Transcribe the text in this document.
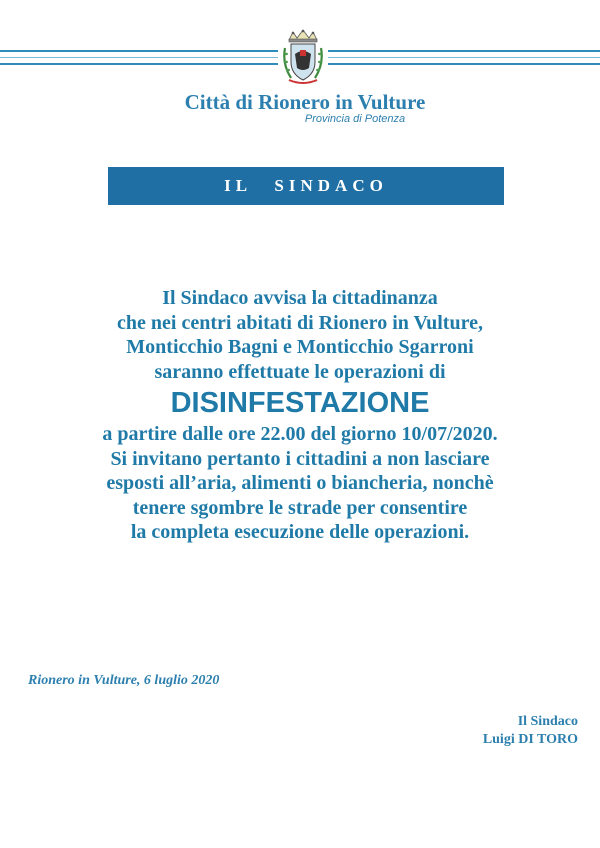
Città di Rionero in Vulture
Provincia di Potenza
IL SINDACO
Il Sindaco avvisa la cittadinanza
che nei centri abitati di Rionero in Vulture,
Monticchio Bagni e Monticchio Sgarroni
saranno effettuate le operazioni di
DISINFESTAZIONE
a partire dalle ore 22.00 del giorno 10/07/2020.
Si invitano pertanto i cittadini a non lasciare
esposti all’aria, alimenti o biancheria, nonchè
tenere sgombre le strade per consentire
la completa esecuzione delle operazioni.
Rionero in Vulture, 6 luglio 2020
Il Sindaco
Luigi DI TORO
